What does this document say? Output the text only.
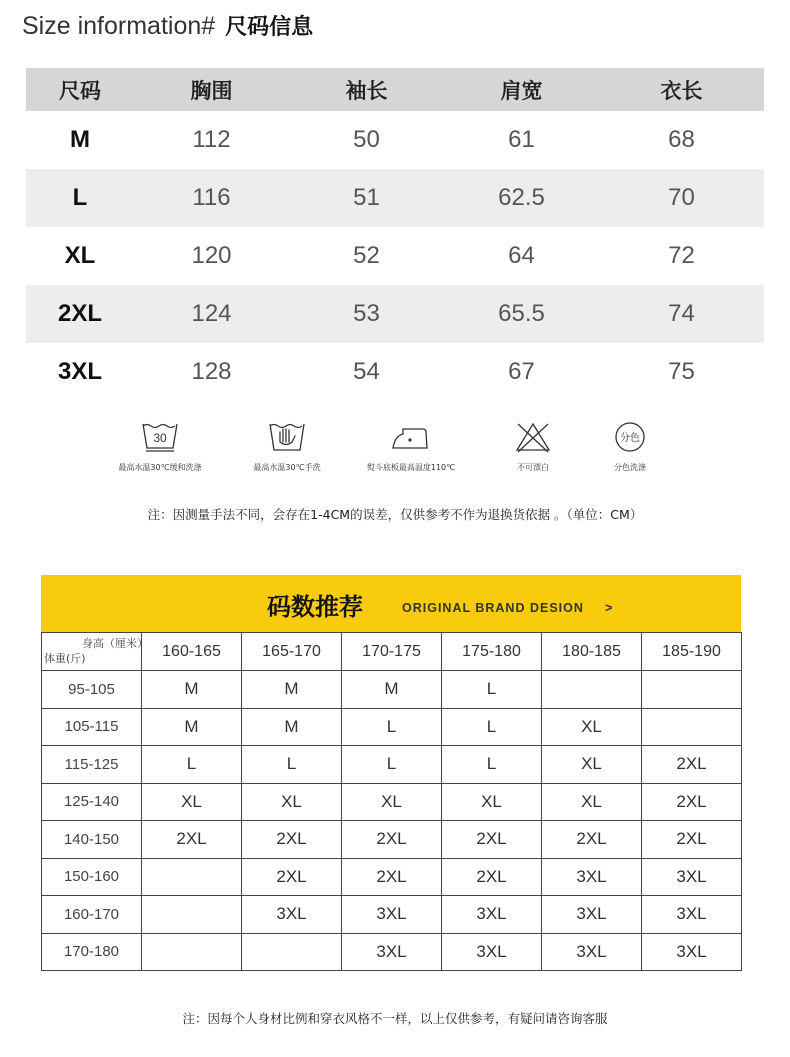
Size information# 尺码信息
尺码	胸围	袖长	肩宽	衣长
M	112	50	61	68
L	116	51	62.5	70
XL	120	52	64	72
2XL	124	53	65.5	74
3XL	128	54	67	75
30
最高水温30℃缓和洗涤	最高水温30℃手洗	熨斗底板最高温度110℃	不可漂白
分色
分色洗涤
注：因测量手法不同，会存在1-4CM的误差，仅供参考不作为退换货依据 。（单位：CM）
码数推荐	ORIGINAL BRAND DESION >
身高（厘米）
体重(斤)	160-165	165-170	170-175	175-180	180-185	185-190
95-105	M	M	M	L		
105-115	M	M	L	L	XL	
115-125	L	L	L	L	XL	2XL
125-140	XL	XL	XL	XL	XL	2XL
140-150	2XL	2XL	2XL	2XL	2XL	2XL
150-160		2XL	2XL	2XL	3XL	3XL
160-170		3XL	3XL	3XL	3XL	3XL
170-180			3XL	3XL	3XL	3XL
注：因每个人身材比例和穿衣风格不一样，以上仅供参考，有疑问请咨询客服
